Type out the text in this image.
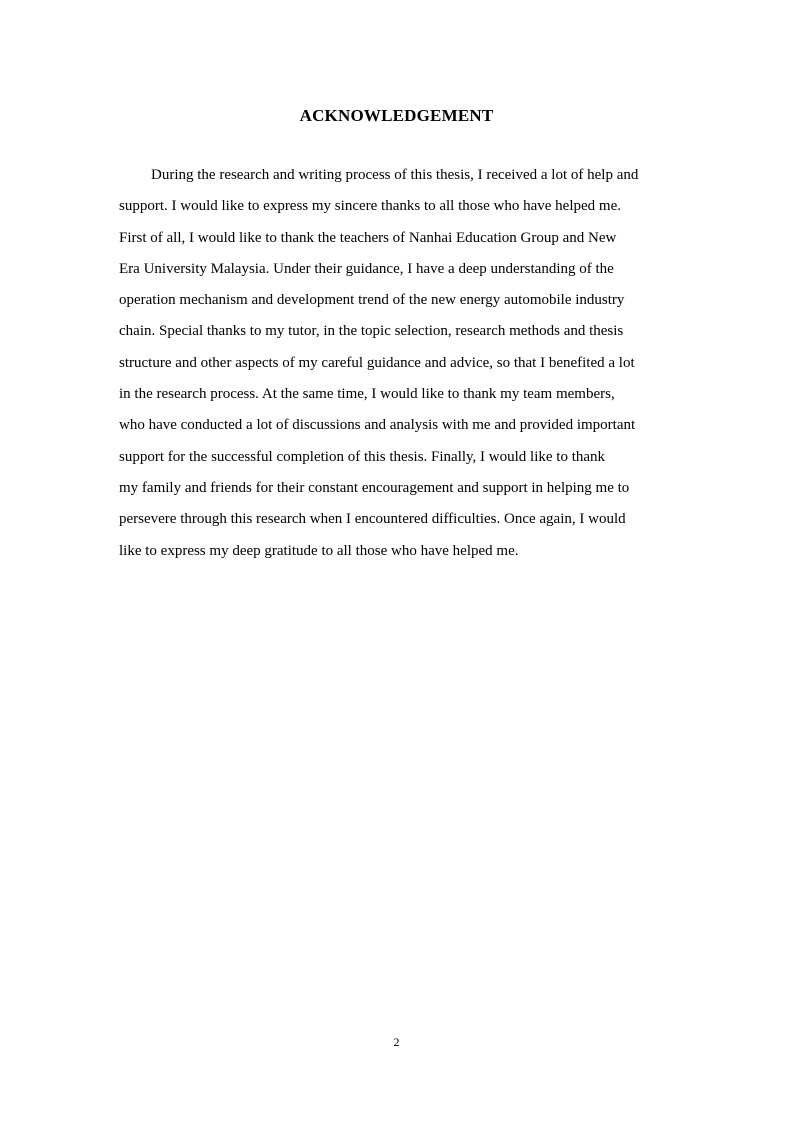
ACKNOWLEDGEMENT
During the research and writing process of this thesis, I received a lot of help and
support. I would like to express my sincere thanks to all those who have helped me.
First of all, I would like to thank the teachers of Nanhai Education Group and New
Era University Malaysia. Under their guidance, I have a deep understanding of the
operation mechanism and development trend of the new energy automobile industry
chain. Special thanks to my tutor, in the topic selection, research methods and thesis
structure and other aspects of my careful guidance and advice, so that I benefited a lot
in the research process. At the same time, I would like to thank my team members,
who have conducted a lot of discussions and analysis with me and provided important
support for the successful completion of this thesis. Finally, I would like to thank
my family and friends for their constant encouragement and support in helping me to
persevere through this research when I encountered difficulties. Once again, I would
like to express my deep gratitude to all those who have helped me.
2
